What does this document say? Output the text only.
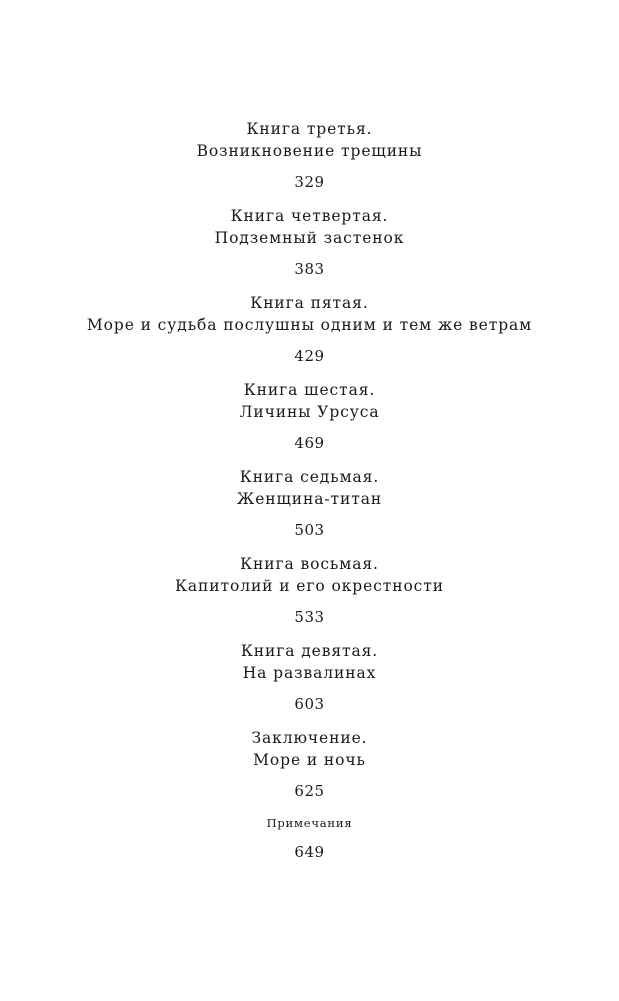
Книга третья.
Возникновение трещины
329
Книга четвертая.
Подземный застенок
383
Книга пятая.
Море и судьба послушны одним и тем же ветрам
429
Книга шестая.
Личины Урсуса
469
Книга седьмая.
Женщина-титан
503
Книга восьмая.
Капитолий и его окрестности
533
Книга девятая.
На развалинах
603
Заключение.
Море и ночь
625
Примечания
649
